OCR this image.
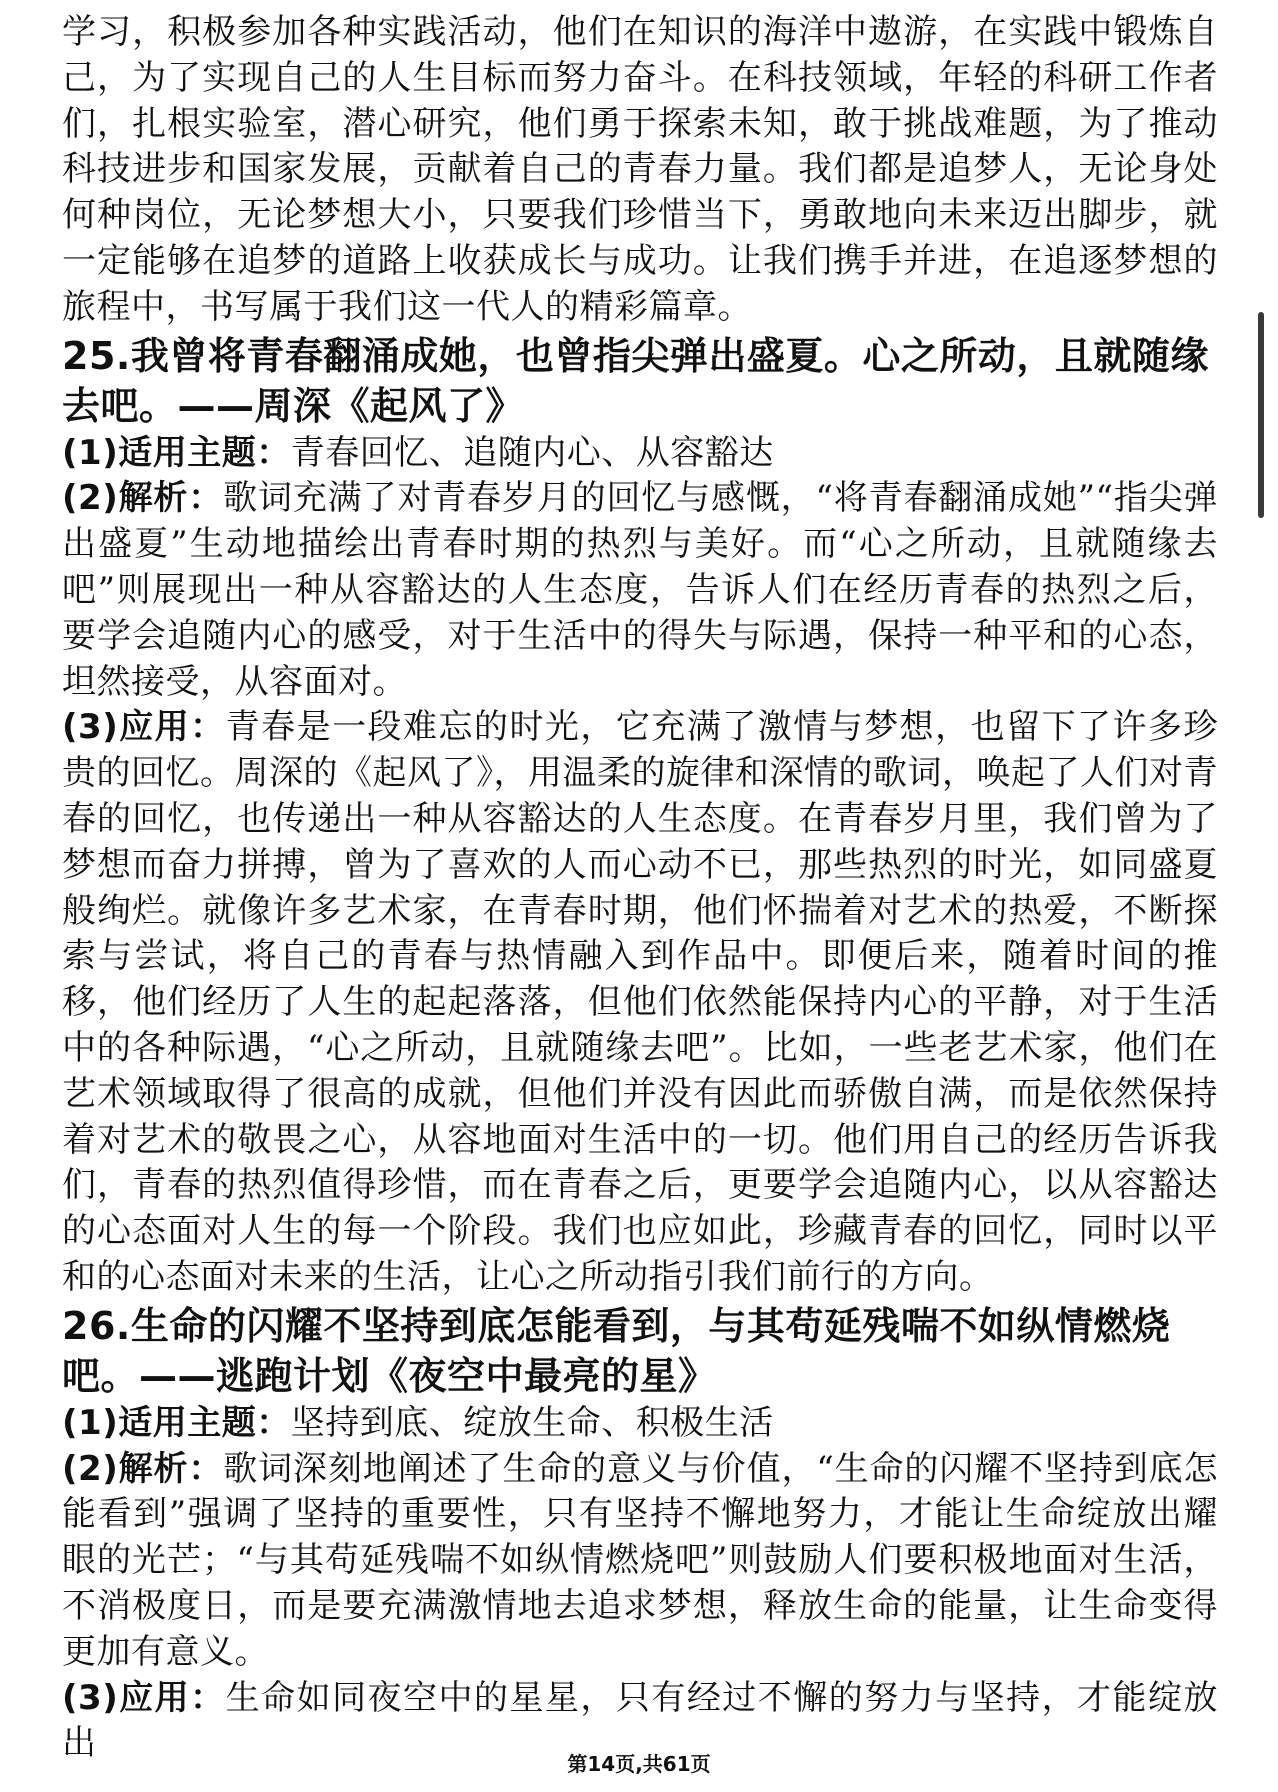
学习，积极参加各种实践活动，他们在知识的海洋中遨游，在实践中锻炼自己，为了实现自己的人生目标而努力奋斗。在科技领域，年轻的科研工作者们，扎根实验室，潜心研究，他们勇于探索未知，敢于挑战难题，为了推动科技进步和国家发展，贡献着自己的青春力量。我们都是追梦人，无论身处何种岗位，无论梦想大小，只要我们珍惜当下，勇敢地向未来迈出脚步，就一定能够在追梦的道路上收获成长与成功。让我们携手并进，在追逐梦想的旅程中，书写属于我们这一代人的精彩篇章。

25.我曾将青春翻涌成她，也曾指尖弹出盛夏。心之所动，且就随缘去吧。——周深《起风了》

(1)适用主题：青春回忆、追随内心、从容豁达

(2)解析：歌词充满了对青春岁月的回忆与感慨，“将青春翻涌成她”“指尖弹出盛夏”生动地描绘出青春时期的热烈与美好。而“心之所动，且就随缘去吧”则展现出一种从容豁达的人生态度，告诉人们在经历青春的热烈之后，要学会追随内心的感受，对于生活中的得失与际遇，保持一种平和的心态，坦然接受，从容面对。

(3)应用：青春是一段难忘的时光，它充满了激情与梦想，也留下了许多珍贵的回忆。周深的《起风了》，用温柔的旋律和深情的歌词，唤起了人们对青春的回忆，也传递出一种从容豁达的人生态度。在青春岁月里，我们曾为了梦想而奋力拼搏，曾为了喜欢的人而心动不已，那些热烈的时光，如同盛夏般绚烂。就像许多艺术家，在青春时期，他们怀揣着对艺术的热爱，不断探索与尝试，将自己的青春与热情融入到作品中。即便后来，随着时间的推移，他们经历了人生的起起落落，但他们依然能保持内心的平静，对于生活中的各种际遇，“心之所动，且就随缘去吧”。比如，一些老艺术家，他们在艺术领域取得了很高的成就，但他们并没有因此而骄傲自满，而是依然保持着对艺术的敬畏之心，从容地面对生活中的一切。他们用自己的经历告诉我们，青春的热烈值得珍惜，而在青春之后，更要学会追随内心，以从容豁达的心态面对人生的每一个阶段。我们也应如此，珍藏青春的回忆，同时以平和的心态面对未来的生活，让心之所动指引我们前行的方向。

26.生命的闪耀不坚持到底怎能看到，与其苟延残喘不如纵情燃烧吧。——逃跑计划《夜空中最亮的星》

(1)适用主题：坚持到底、绽放生命、积极生活

(2)解析：歌词深刻地阐述了生命的意义与价值，“生命的闪耀不坚持到底怎能看到”强调了坚持的重要性，只有坚持不懈地努力，才能让生命绽放出耀眼的光芒；“与其苟延残喘不如纵情燃烧吧”则鼓励人们要积极地面对生活，不消极度日，而是要充满激情地去追求梦想，释放生命的能量，让生命变得更加有意义。

(3)应用：生命如同夜空中的星星，只有经过不懈的努力与坚持，才能绽放出

第14页,共61页
